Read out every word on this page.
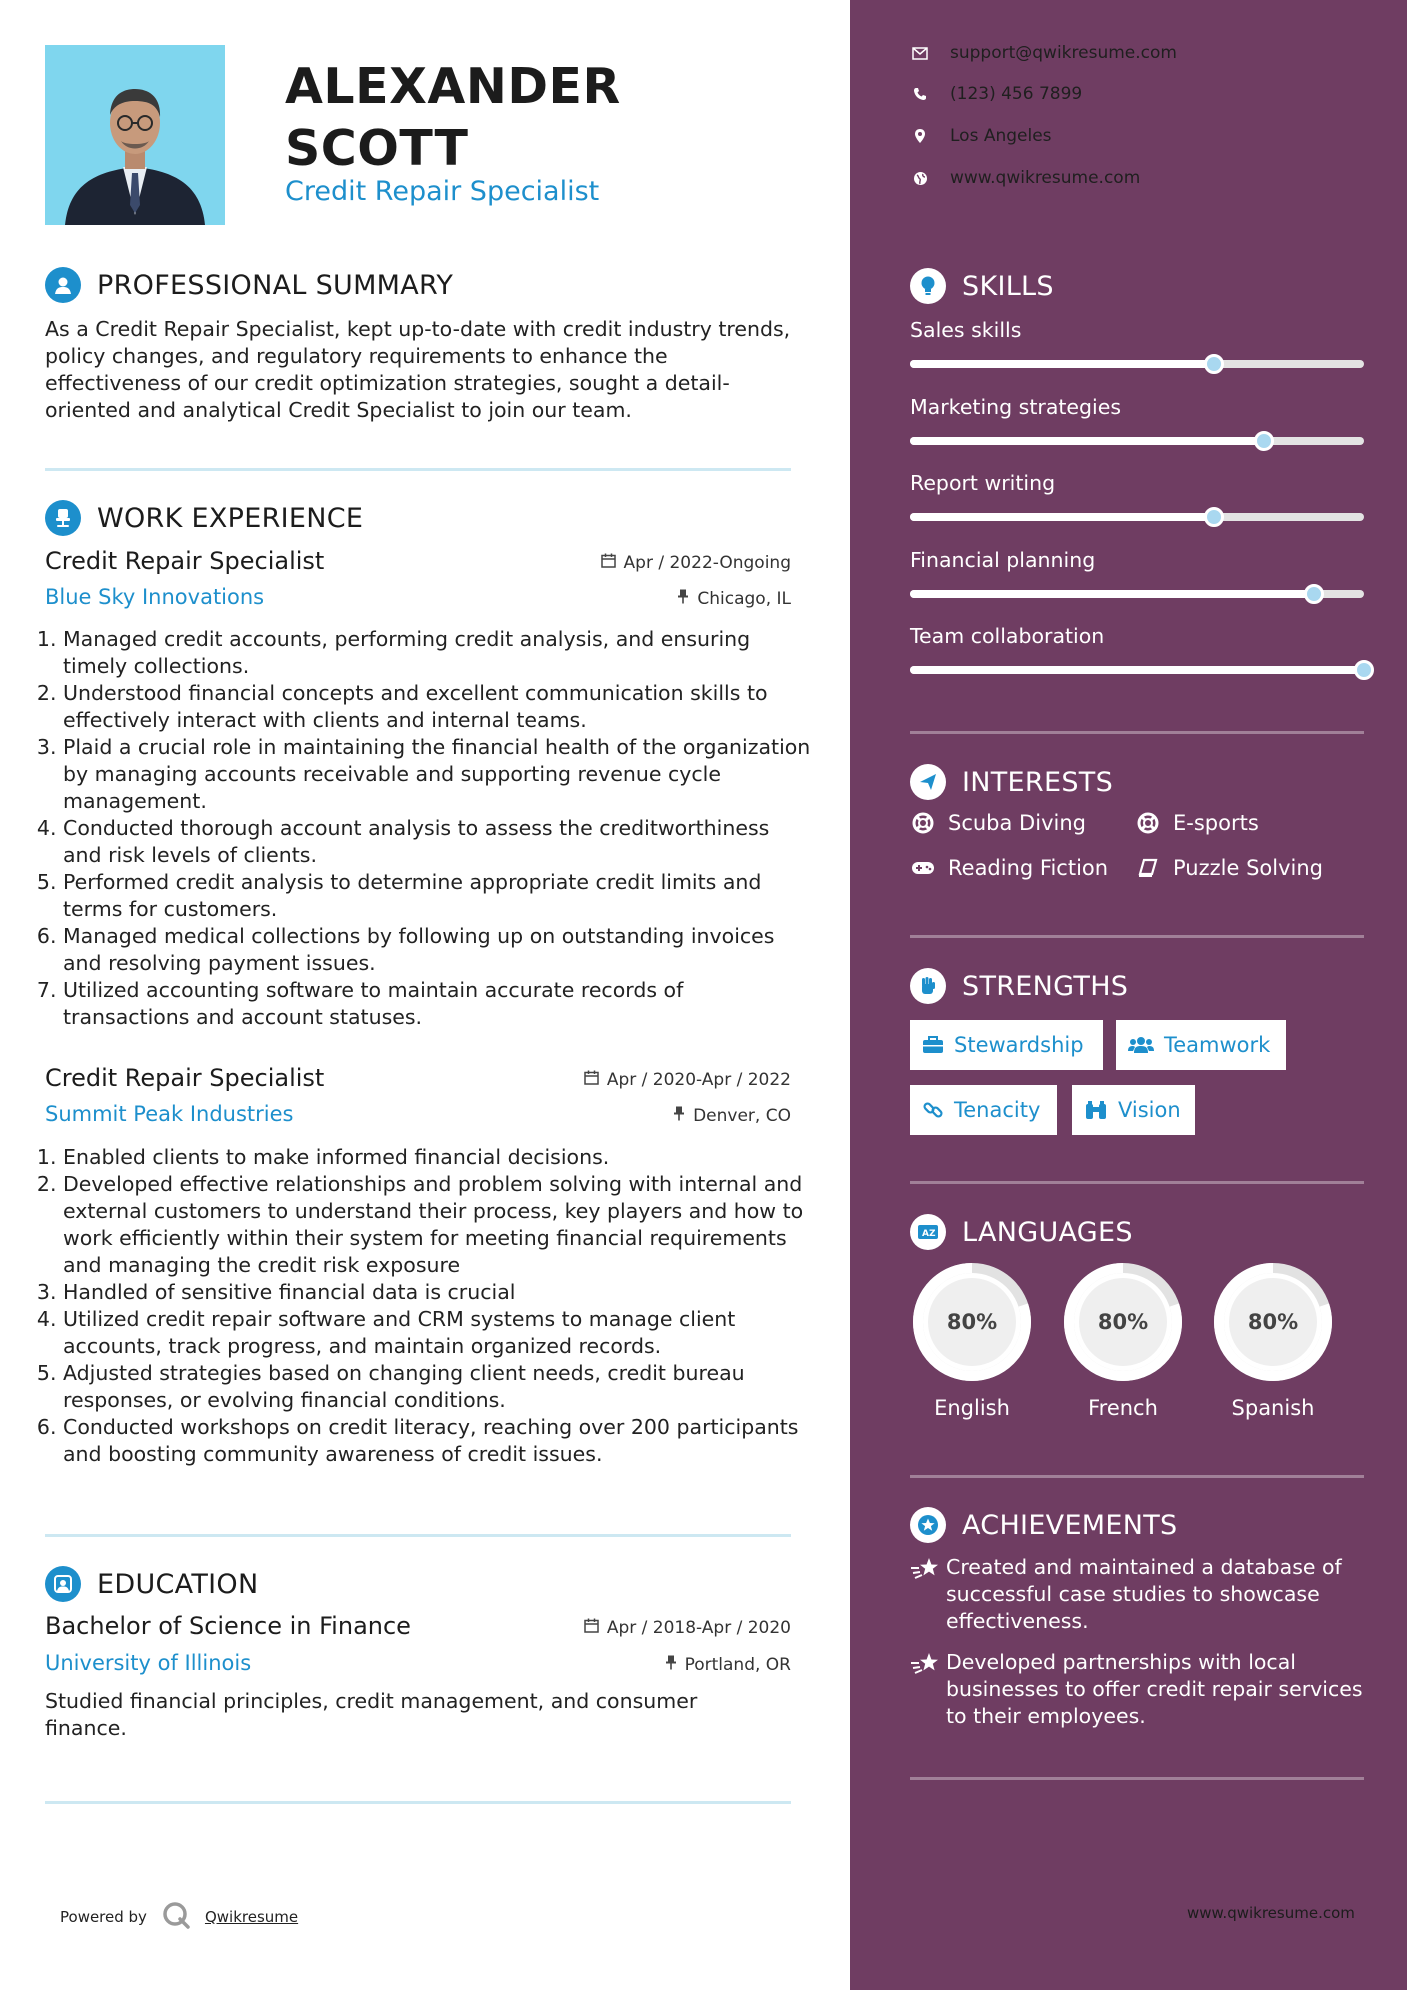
ALEXANDER SCOTT
Credit Repair Specialist
PROFESSIONAL SUMMARY
As a Credit Repair Specialist, kept up-to-date with credit industry trends, policy changes, and regulatory requirements to enhance the effectiveness of our credit optimization strategies, sought a detail-oriented and analytical Credit Specialist to join our team.
WORK EXPERIENCE
Credit Repair Specialist	Apr / 2022-Ongoing
Blue Sky Innovations	Chicago, IL
1. Managed credit accounts, performing credit analysis, and ensuring timely collections.
2. Understood financial concepts and excellent communication skills to effectively interact with clients and internal teams.
3. Plaid a crucial role in maintaining the financial health of the organization by managing accounts receivable and supporting revenue cycle management.
4. Conducted thorough account analysis to assess the creditworthiness and risk levels of clients.
5. Performed credit analysis to determine appropriate credit limits and terms for customers.
6. Managed medical collections by following up on outstanding invoices and resolving payment issues.
7. Utilized accounting software to maintain accurate records of transactions and account statuses.
Credit Repair Specialist	Apr / 2020-Apr / 2022
Summit Peak Industries	Denver, CO
1. Enabled clients to make informed financial decisions.
2. Developed effective relationships and problem solving with internal and external customers to understand their process, key players and how to work efficiently within their system for meeting financial requirements and managing the credit risk exposure
3. Handled of sensitive financial data is crucial
4. Utilized credit repair software and CRM systems to manage client accounts, track progress, and maintain organized records.
5. Adjusted strategies based on changing client needs, credit bureau responses, or evolving financial conditions.
6. Conducted workshops on credit literacy, reaching over 200 participants and boosting community awareness of credit issues.
EDUCATION
Bachelor of Science in Finance	Apr / 2018-Apr / 2020
University of Illinois	Portland, OR
Studied financial principles, credit management, and consumer finance.
Powered by	Qwikresume
support@qwikresume.com
(123) 456 7899
Los Angeles
www.qwikresume.com
SKILLS
Sales skills
Marketing strategies
Report writing
Financial planning
Team collaboration
INTERESTS
Scuba Diving	E-sports
Reading Fiction	Puzzle Solving
STRENGTHS
Stewardship	Teamwork
Tenacity	Vision
A Z LANGUAGES
80%
English
80%
French
80%
Spanish
ACHIEVEMENTS
Created and maintained a database of successful case studies to showcase effectiveness.
Developed partnerships with local businesses to offer credit repair services to their employees.
www.qwikresume.com
